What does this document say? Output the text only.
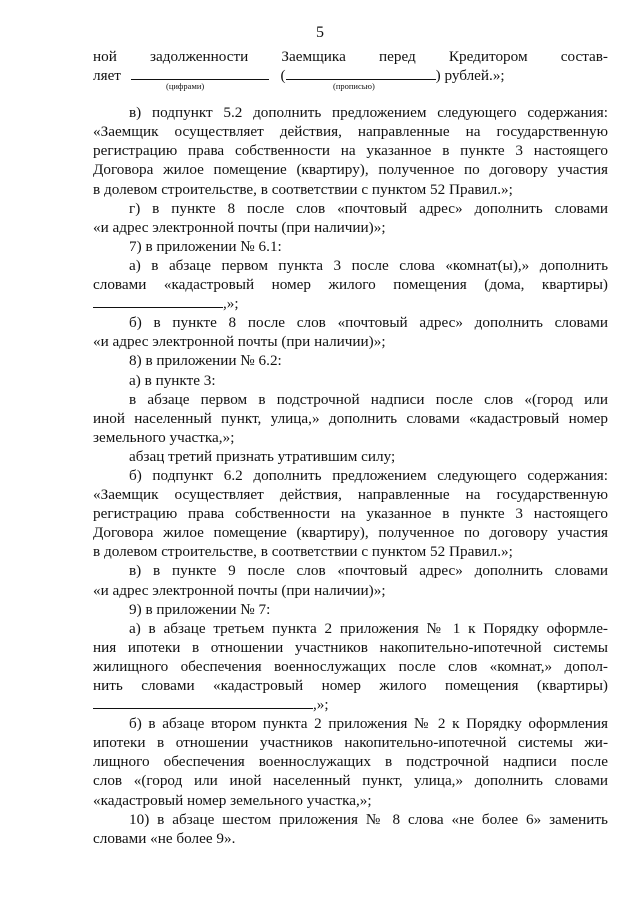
5
ной задолженности Заемщика перед Кредитором состав-
ляет	(	) рублей.»;
(цифрами)	(прописью)
в) подпункт 5.2 дополнить предложением следующего содержания:
«Заемщик осуществляет действия, направленные на государственную
регистрацию права собственности на указанное в пункте 3 настоящего
Договора жилое помещение (квартиру), полученное по договору участия
в долевом строительстве, в соответствии с пунктом 52 Правил.»;
г) в пункте 8 после слов «почтовый адрес» дополнить словами
«и адрес электронной почты (при наличии)»;
7) в приложении № 6.1:
а) в абзаце первом пункта 3 после слова «комнат(ы),» дополнить
словами «кадастровый номер жилого помещения (дома, квартиры)
,»;
б) в пункте 8 после слов «почтовый адрес» дополнить словами
«и адрес электронной почты (при наличии)»;
8) в приложении № 6.2:
а) в пункте 3:
в абзаце первом в подстрочной надписи после слов «(город или
иной населенный пункт, улица,» дополнить словами «кадастровый номер
земельного участка,»;
абзац третий признать утратившим силу;
б) подпункт 6.2 дополнить предложением следующего содержания:
«Заемщик осуществляет действия, направленные на государственную
регистрацию права собственности на указанное в пункте 3 настоящего
Договора жилое помещение (квартиру), полученное по договору участия
в долевом строительстве, в соответствии с пунктом 52 Правил.»;
в) в пункте 9 после слов «почтовый адрес» дополнить словами
«и адрес электронной почты (при наличии)»;
9) в приложении № 7:
а) в абзаце третьем пункта 2 приложения № 1 к Порядку оформле-
ния ипотеки в отношении участников накопительно-ипотечной системы
жилищного обеспечения военнослужащих после слов «комнат,» допол-
нить словами «кадастровый номер жилого помещения (квартиры)
,»;
б) в абзаце втором пункта 2 приложения № 2 к Порядку оформления
ипотеки в отношении участников накопительно-ипотечной системы жи-
лищного обеспечения военнослужащих в подстрочной надписи после
слов «(город или иной населенный пункт, улица,» дополнить словами
«кадастровый номер земельного участка,»;
10) в абзаце шестом приложения № 8 слова «не более 6» заменить
словами «не более 9».
